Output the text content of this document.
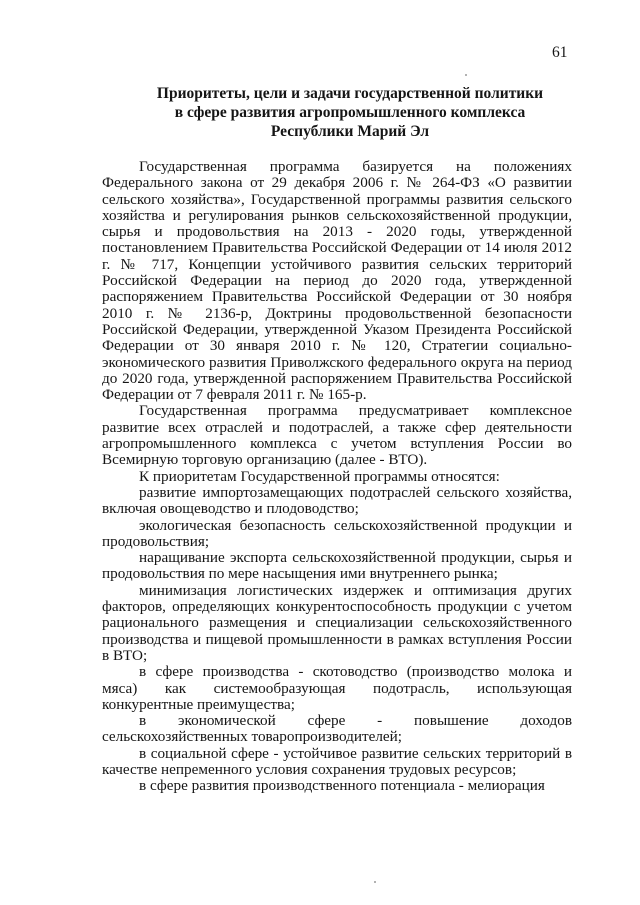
61
Приоритеты, цели и задачи государственной политики
в сфере развития агропромышленного комплекса
Республики Марий Эл

Государственная программа базируется на положениях Федерального закона от 29 декабря 2006 г. № 264-ФЗ «О развитии сельского хозяйства», Государственной программы развития сельского хозяйства и регулирования рынков сельскохозяйственной продукции, сырья и продовольствия на 2013 - 2020 годы, утвержденной постановлением Правительства Российской Федерации от 14 июля 2012 г. № 717, Концепции устойчивого развития сельских территорий Российской Федерации на период до 2020 года, утвержденной распоряжением Правительства Российской Федерации от 30 ноября 2010 г. № 2136-р, Доктрины продовольственной безопасности Российской Федерации, утвержденной Указом Президента Российской Федерации от 30 января 2010 г. № 120, Стратегии социально-экономического развития Приволжского федерального округа на период до 2020 года, утвержденной распоряжением Правительства Российской Федерации от 7 февраля 2011 г. № 165-р.

Государственная программа предусматривает комплексное развитие всех отраслей и подотраслей, а также сфер деятельности агропромышленного комплекса с учетом вступления России во Всемирную торговую организацию (далее - ВТО).

К приоритетам Государственной программы относятся:

развитие импортозамещающих подотраслей сельского хозяйства, включая овощеводство и плодоводство;

экологическая безопасность сельскохозяйственной продукции и продовольствия;

наращивание экспорта сельскохозяйственной продукции, сырья и продовольствия по мере насыщения ими внутреннего рынка;

минимизация логистических издержек и оптимизация других факторов, определяющих конкурентоспособность продукции с учетом рационального размещения и специализации сельскохозяйственного производства и пищевой промышленности в рамках вступления России в ВТО;

в сфере производства - скотоводство (производство молока и мяса) как системообразующая подотрасль, использующая конкурентные преимущества;

в экономической сфере - повышение доходов сельскохозяйственных товаропроизводителей;

в социальной сфере - устойчивое развитие сельских территорий в качестве непременного условия сохранения трудовых ресурсов;

в сфере развития производственного потенциала - мелиорация
